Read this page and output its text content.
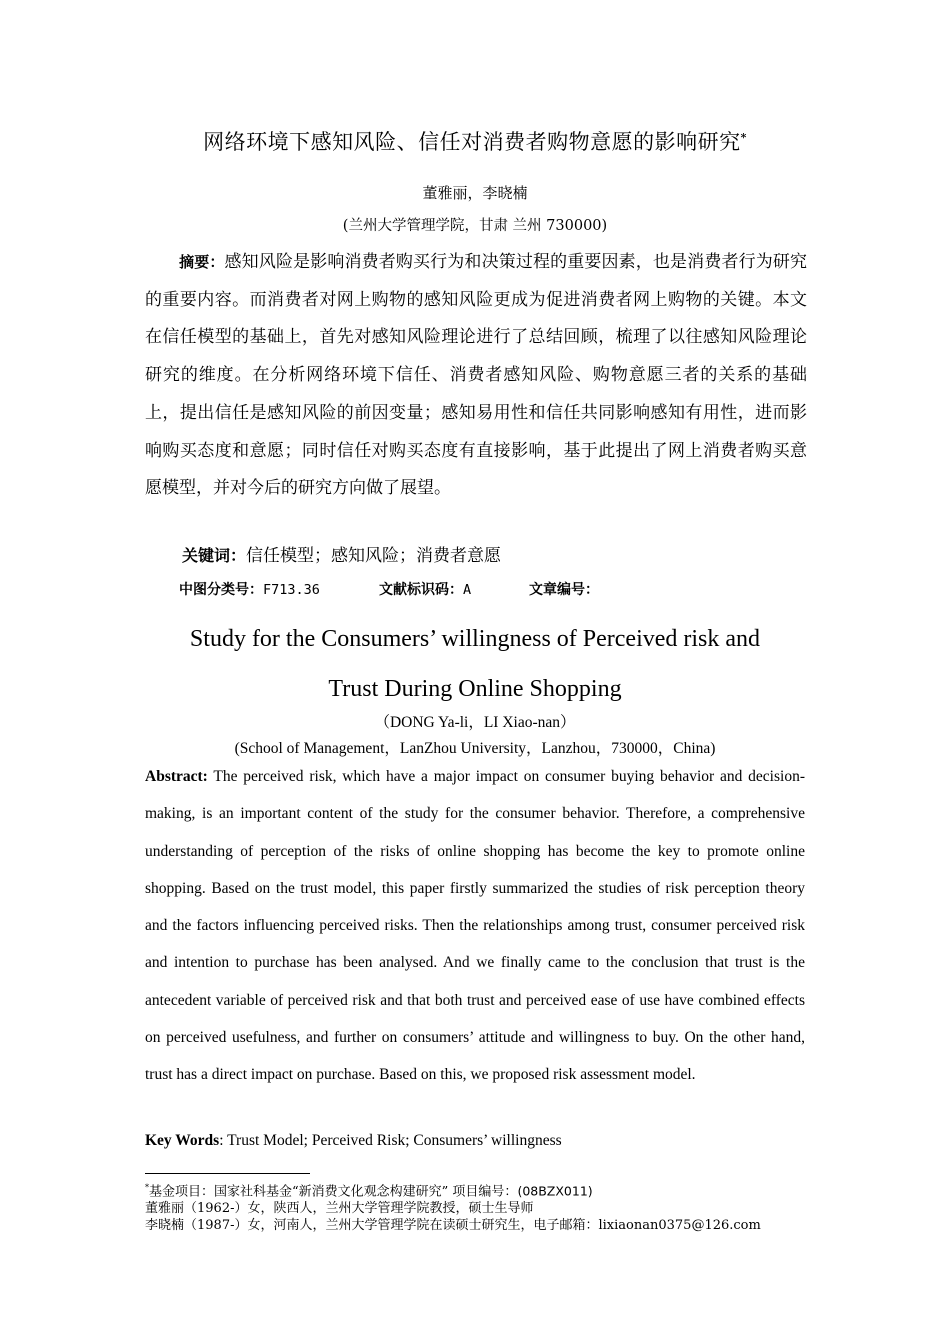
网络环境下感知风险、信任对消费者购物意愿的影响研究*
董雅丽，李晓楠
(兰州大学管理学院，甘肃 兰州 730000)
摘要：感知风险是影响消费者购买行为和决策过程的重要因素，也是消费者行为研究的重要内容。而消费者对网上购物的感知风险更成为促进消费者网上购物的关键。本文在信任模型的基础上，首先对感知风险理论进行了总结回顾，梳理了以往感知风险理论研究的维度。在分析网络环境下信任、消费者感知风险、购物意愿三者的关系的基础上，提出信任是感知风险的前因变量；感知易用性和信任共同影响感知有用性，进而影响购买态度和意愿；同时信任对购买态度有直接影响，基于此提出了网上消费者购买意愿模型，并对今后的研究方向做了展望。
关键词：信任模型；感知风险；消费者意愿
中图分类号：F713.36	文献标识码：A	文章编号：
Study for the Consumers’ willingness of Perceived risk and
Trust During Online Shopping
（DONG Ya-li，LI Xiao-nan）
(School of Management，LanZhou University，Lanzhou，730000，China)
Abstract: The perceived risk, which have a major impact on consumer buying behavior and decision-making, is an important content of the study for the consumer behavior. Therefore, a comprehensive understanding of perception of the risks of online shopping has become the key to promote online shopping. Based on the trust model, this paper firstly summarized the studies of risk perception theory and the factors influencing perceived risks. Then the relationships among trust, consumer perceived risk and intention to purchase has been analysed. And we finally came to the conclusion that trust is the antecedent variable of perceived risk and that both trust and perceived ease of use have combined effects on perceived usefulness, and further on consumers’ attitude and willingness to buy. On the other hand, trust has a direct impact on purchase. Based on this, we proposed risk assessment model.
Key Words: Trust Model; Perceived Risk; Consumers’ willingness
*基金项目：国家社科基金“新消费文化观念构建研究” 项目编号：(08BZX011)
董雅丽（1962-）女，陕西人，兰州大学管理学院教授，硕士生导师
李晓楠（1987-）女，河南人，兰州大学管理学院在读硕士研究生，电子邮箱：lixiaonan0375@126.com
